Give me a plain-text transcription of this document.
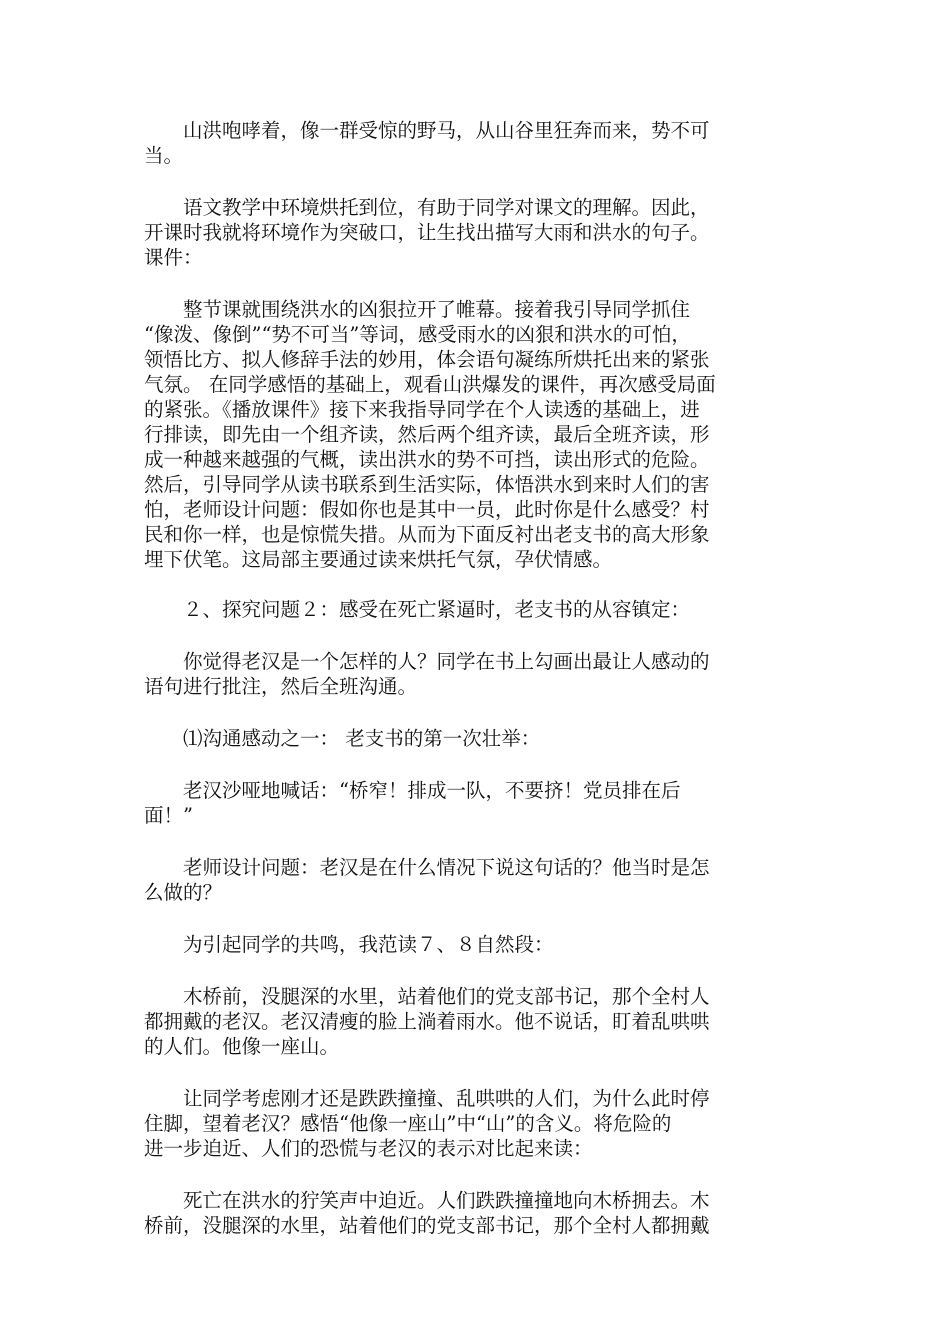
山洪咆哮着，像一群受惊的野马，从山谷里狂奔而来，势不可
当。

语文教学中环境烘托到位，有助于同学对课文的理解。因此，
开课时我就将环境作为突破口，让生找出描写大雨和洪水的句子。
课件：

整节课就围绕洪水的凶狠拉开了帷幕。接着我引导同学抓住
“像泼、像倒”“势不可当”等词，感受雨水的凶狠和洪水的可怕，
领悟比方、拟人修辞手法的妙用，体会语句凝练所烘托出来的紧张
气氛。 在同学感悟的基础上，观看山洪爆发的课件，再次感受局面
的紧张。《播放课件》接下来我指导同学在个人读透的基础上，进
行排读，即先由一个组齐读，然后两个组齐读，最后全班齐读，形
成一种越来越强的气概，读出洪水的势不可挡，读出形式的危险。
然后，引导同学从读书联系到生活实际，体悟洪水到来时人们的害
怕，老师设计问题：假如你也是其中一员，此时你是什么感受？村
民和你一样，也是惊慌失措。从而为下面反衬出老支书的高大形象
埋下伏笔。这局部主要通过读来烘托气氛，孕伏情感。

２、探究问题２：感受在死亡紧逼时，老支书的从容镇定：

你觉得老汉是一个怎样的人？同学在书上勾画出最让人感动的
语句进行批注，然后全班沟通。

⑴沟通感动之一： 老支书的第一次壮举：

老汉沙哑地喊话：“桥窄！排成一队，不要挤！党员排在后
面！”

老师设计问题：老汉是在什么情况下说这句话的？他当时是怎
么做的？

为引起同学的共鸣，我范读７、８自然段：

木桥前，没腿深的水里，站着他们的党支部书记，那个全村人
都拥戴的老汉。老汉清瘦的脸上淌着雨水。他不说话，盯着乱哄哄
的人们。他像一座山。

让同学考虑刚才还是跌跌撞撞、乱哄哄的人们，为什么此时停
住脚，望着老汉？感悟“他像一座山”中“山”的含义。将危险的
进一步迫近、人们的恐慌与老汉的表示对比起来读：

死亡在洪水的狞笑声中迫近。人们跌跌撞撞地向木桥拥去。木
桥前，没腿深的水里，站着他们的党支部书记，那个全村人都拥戴
